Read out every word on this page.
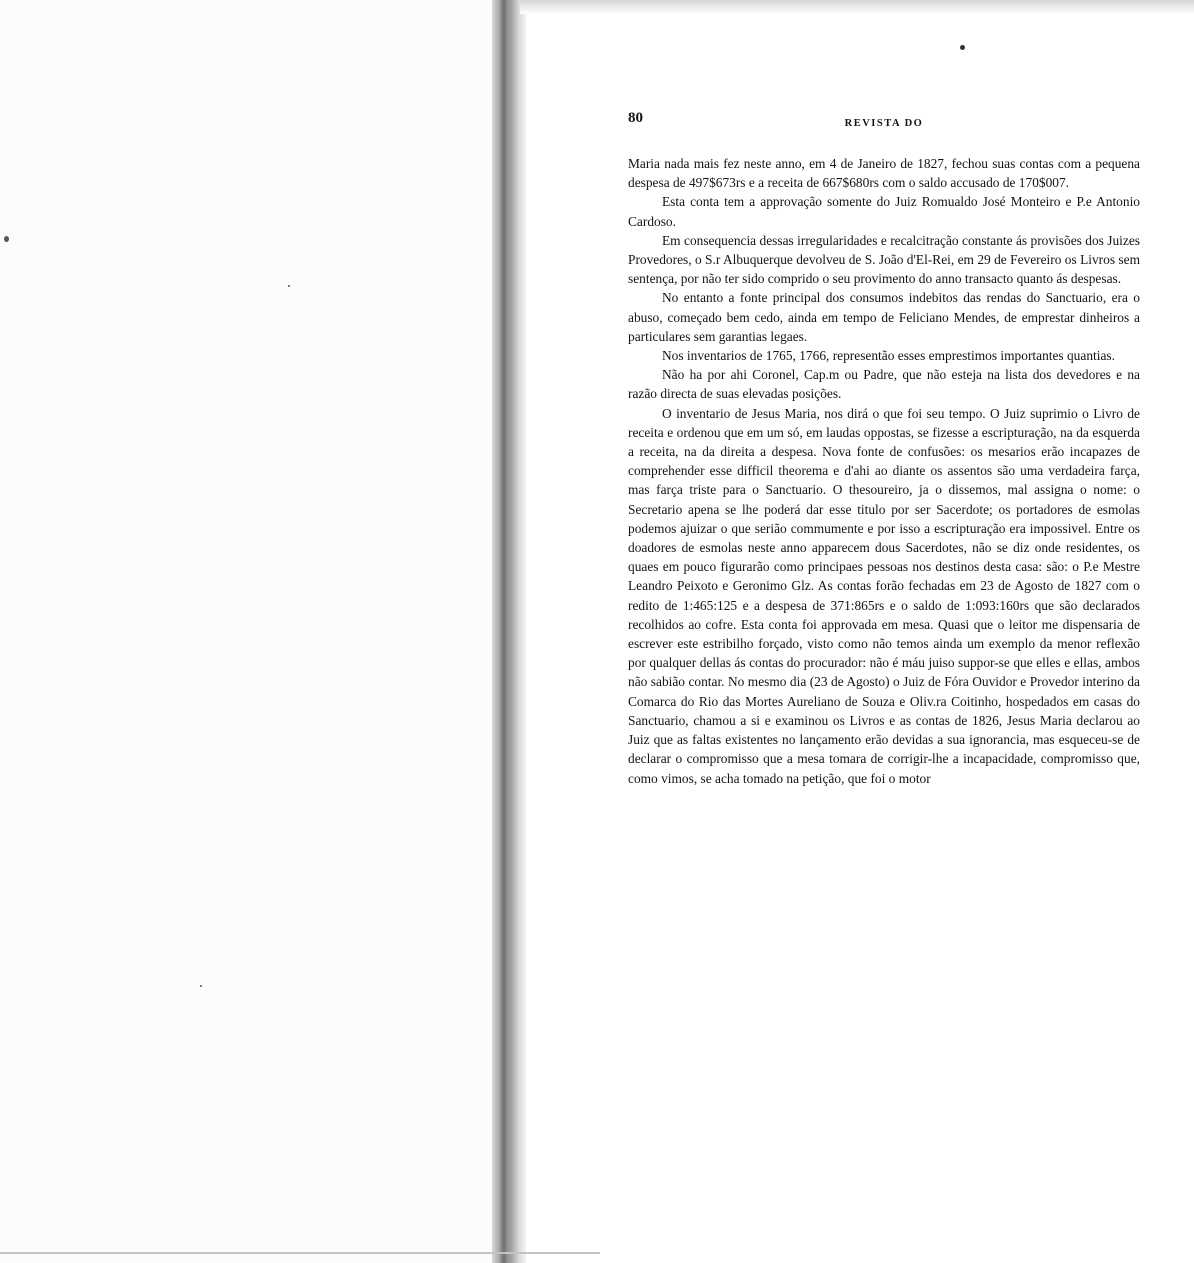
80	REVISTA DO

Maria nada mais fez neste anno, em 4 de Janeiro de 1827, fechou suas contas com a pequena despesa de 497$673rs e a receita de 667$680rs com o saldo accusado de 170$007.

Esta conta tem a approvação somente do Juiz Romualdo José Monteiro e P.e Antonio Cardoso.

Em consequencia dessas irregularidades e recalcitração constante ás provisões dos Juizes Provedores, o S.r Albuquerque devolveu de S. João d'El-Rei, em 29 de Fevereiro os Livros sem sentença, por não ter sido comprido o seu provimento do anno transacto quanto ás despesas.

No entanto a fonte principal dos consumos indebitos das rendas do Sanctuario, era o abuso, começado bem cedo, ainda em tempo de Feliciano Mendes, de emprestar dinheiros a particulares sem garantias legaes.

Nos inventarios de 1765, 1766, representão esses emprestimos importantes quantias.

Não ha por ahi Coronel, Cap.m ou Padre, que não esteja na lista dos devedores e na razão directa de suas elevadas posições.

O inventario de Jesus Maria, nos dirá o que foi seu tempo. O Juiz suprimio o Livro de receita e ordenou que em um só, em laudas oppostas, se fizesse a escripturação, na da esquerda a receita, na da direita a despesa. Nova fonte de confusões: os mesarios erão incapazes de comprehender esse difficil theorema e d'ahi ao diante os assentos são uma verdadeira farça, mas farça triste para o Sanctuario. O thesoureiro, ja o dissemos, mal assigna o nome: o Secretario apena se lhe poderá dar esse titulo por ser Sacerdote; os portadores de esmolas podemos ajuizar o que serião commumente e por isso a escripturação era impossivel. Entre os doadores de esmolas neste anno apparecem dous Sacerdotes, não se diz onde residentes, os quaes em pouco figurarão como principaes pessoas nos destinos desta casa: são: o P.e Mestre Leandro Peixoto e Geronimo Glz. As contas forão fechadas em 23 de Agosto de 1827 com o redito de 1:465:125 e a despesa de 371:865rs e o saldo de 1:093:160rs que são declarados recolhidos ao cofre. Esta conta foi approvada em mesa. Quasi que o leitor me dispensaria de escrever este estribilho forçado, visto como não temos ainda um exemplo da menor reflexão por qualquer dellas ás contas do procurador: não é máu juiso suppor-se que elles e ellas, ambos não sabião contar. No mesmo dia (23 de Agosto) o Juiz de Fóra Ouvidor e Provedor interino da Comarca do Rio das Mortes Aureliano de Souza e Oliv.ra Coitinho, hospedados em casas do Sanctuario, chamou a si e examinou os Livros e as contas de 1826, Jesus Maria declarou ao Juiz que as faltas existentes no lançamento erão devidas a sua ignorancia, mas esqueceu-se de declarar o compromisso que a mesa tomara de corrigir-lhe a incapacidade, compromisso que, como vimos, se acha tomado na petição, que foi o motor
